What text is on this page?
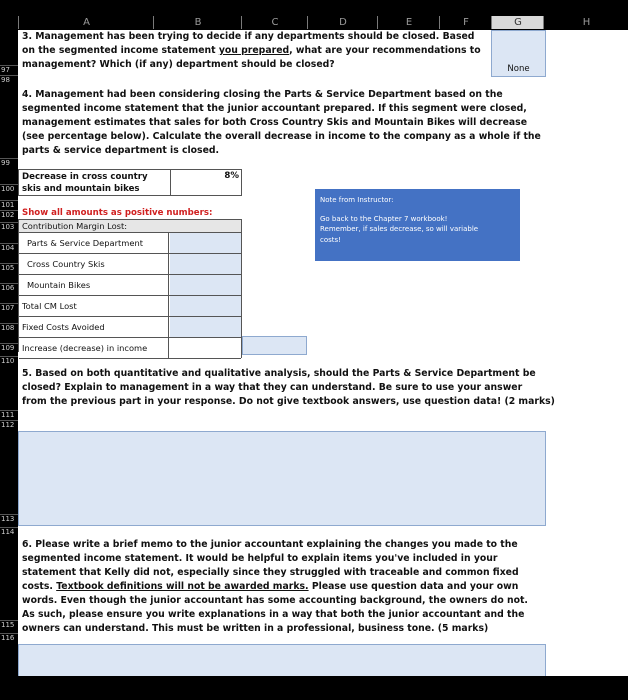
A	B	C	D	E	F	G	H
97
98
99
100
101
102
103
104
105
106
107
108
109
110
111
112
113
114
115
116
3. Management has been trying to decide if any departments should be closed. Based
on the segmented income statement you prepared, what are your recommendations to
management? Which (if any) department should be closed?	None
4. Management had been considering closing the Parts & Service Department based on the
segmented income statement that the junior accountant prepared. If this segment were closed,
management estimates that sales for both Cross Country Skis and Mountain Bikes will decrease
(see percentage below). Calculate the overall decrease in income to the company as a whole if the
parts & service department is closed.
Decrease in cross country
skis and mountain bikes
8%
Show all amounts as positive numbers:
Contribution Margin Lost:
Parts & Service Department
Cross Country Skis
Mountain Bikes
Total CM Lost
Fixed Costs Avoided
Increase (decrease) in income
Note from Instructor:
Go back to the Chapter 7 workbook!
Remember, if sales decrease, so will variable
costs!
5. Based on both quantitative and qualitative analysis, should the Parts & Service Department be
closed? Explain to management in a way that they can understand. Be sure to use your answer
from the previous part in your response. Do not give textbook answers, use question data! (2 marks)
6. Please write a brief memo to the junior accountant explaining the changes you made to the
segmented income statement. It would be helpful to explain items you've included in your
statement that Kelly did not, especially since they struggled with traceable and common fixed
costs. Textbook definitions will not be awarded marks. Please use question data and your own
words. Even though the junior accountant has some accounting background, the owners do not.
As such, please ensure you write explanations in a way that both the junior accountant and the
owners can understand. This must be written in a professional, business tone. (5 marks)
